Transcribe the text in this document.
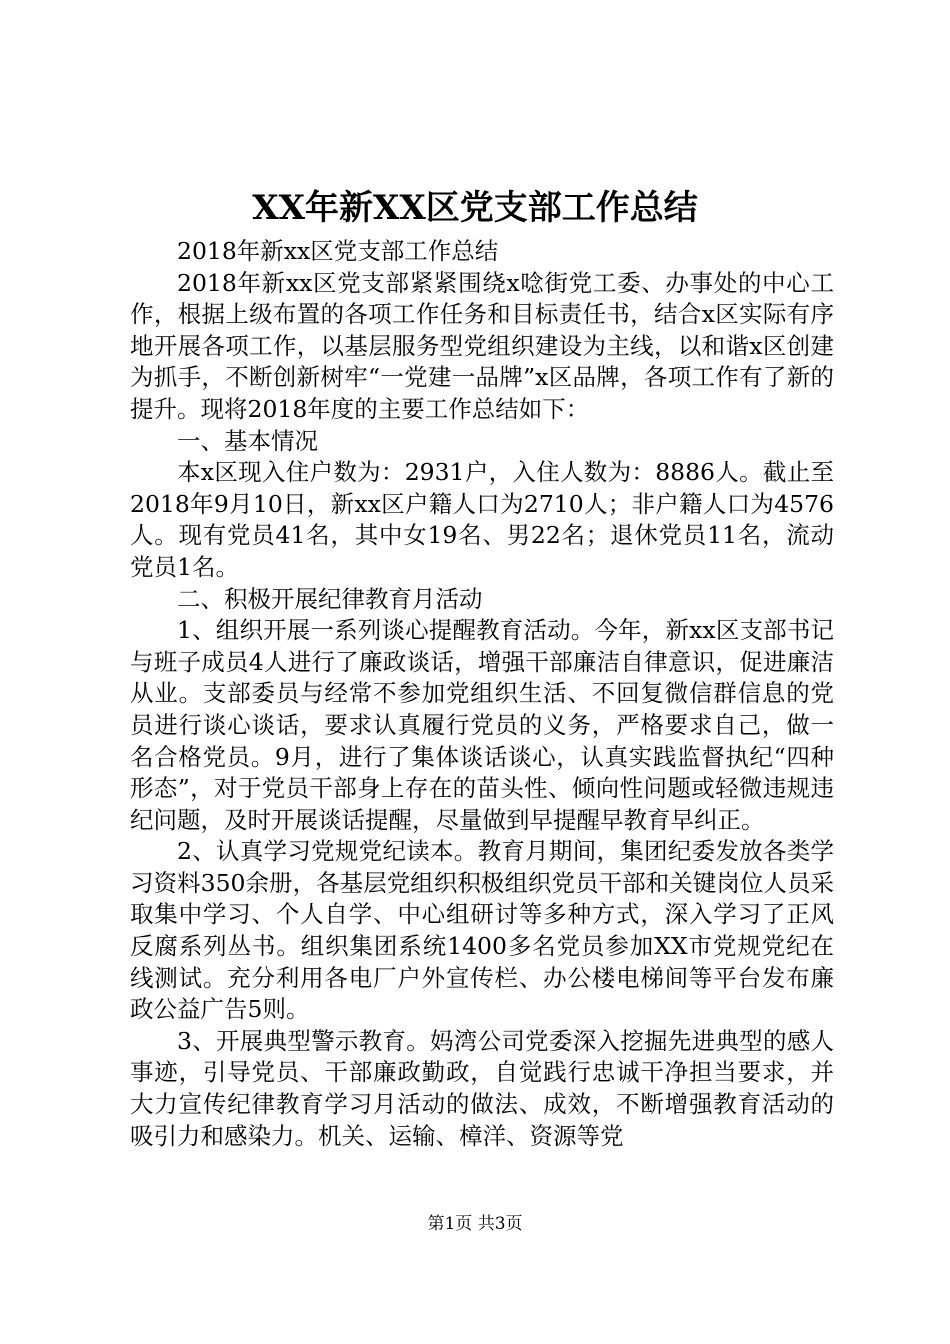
XX年新XX区党支部工作总结

2018年新xx区党支部工作总结

2018年新xx区党支部紧紧围绕x唸街党工委、办事处的中心工作，根据上级布置的各项工作任务和目标责任书，结合x区实际有序地开展各项工作，以基层服务型党组织建设为主线，以和谐x区创建为抓手，不断创新树牢“一党建一品牌”x区品牌，各项工作有了新的提升。现将2018年度的主要工作总结如下：

一、基本情况

本x区现入住户数为：2931户，入住人数为：8886人。截止至2018年9月10日，新xx区户籍人口为2710人；非户籍人口为4576人。现有党员41名，其中女19名、男22名；退休党员11名，流动党员1名。

二、积极开展纪律教育月活动

1、组织开展一系列谈心提醒教育活动。今年，新xx区支部书记与班子成员4人进行了廉政谈话，增强干部廉洁自律意识，促进廉洁从业。支部委员与经常不参加党组织生活、不回复微信群信息的党员进行谈心谈话，要求认真履行党员的义务，严格要求自己，做一名合格党员。9月，进行了集体谈话谈心，认真实践监督执纪“四种形态”，对于党员干部身上存在的苗头性、倾向性问题或轻微违规违纪问题，及时开展谈话提醒，尽量做到早提醒早教育早纠正。

2、认真学习党规党纪读本。教育月期间，集团纪委发放各类学习资料350余册，各基层党组织积极组织党员干部和关键岗位人员采取集中学习、个人自学、中心组研讨等多种方式，深入学习了正风反腐系列丛书。组织集团系统1400多名党员参加XX市党规党纪在线测试。充分利用各电厂户外宣传栏、办公楼电梯间等平台发布廉政公益广告5则。

3、开展典型警示教育。妈湾公司党委深入挖掘先进典型的感人事迹，引导党员、干部廉政勤政，自觉践行忠诚干净担当要求，并大力宣传纪律教育学习月活动的做法、成效，不断增强教育活动的吸引力和感染力。机关、运输、樟洋、资源等党

第1页 共3页
